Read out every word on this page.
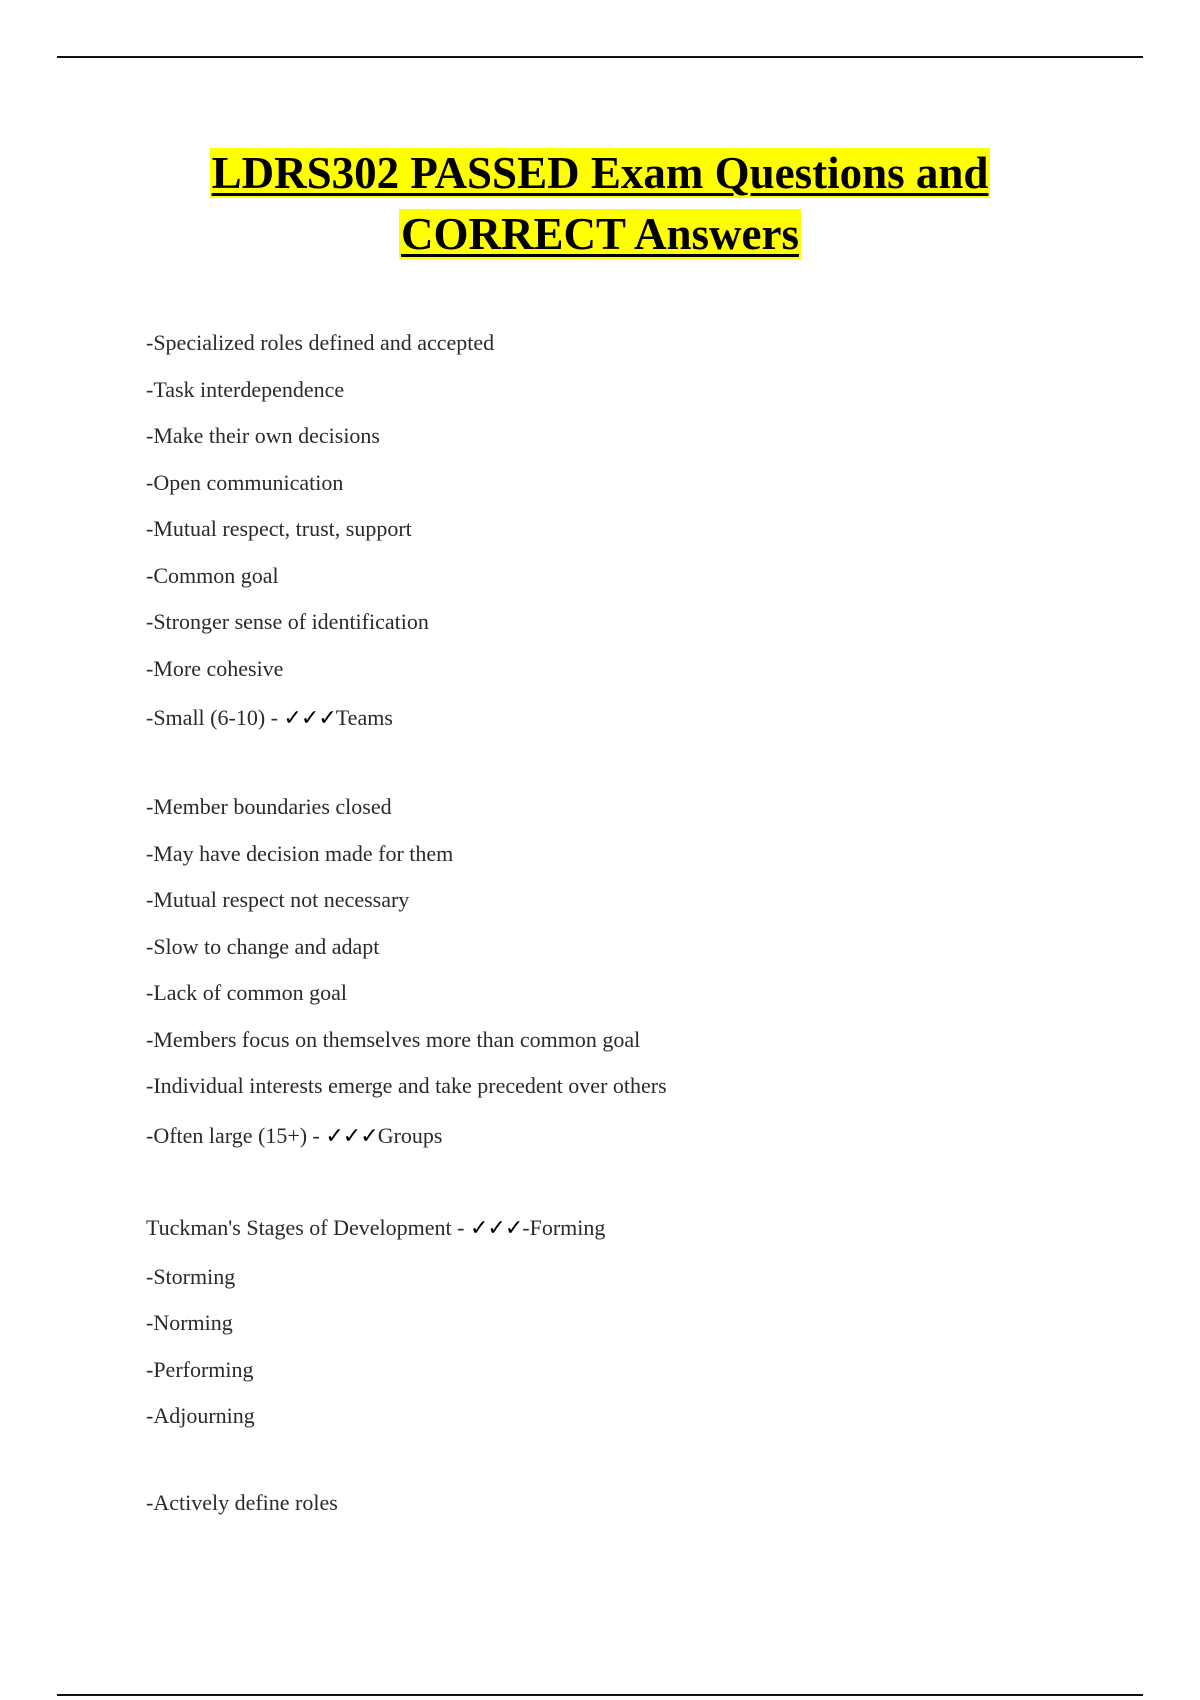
LDRS302 PASSED Exam Questions and
CORRECT Answers
-Specialized roles defined and accepted
-Task interdependence
-Make their own decisions
-Open communication
-Mutual respect, trust, support
-Common goal
-Stronger sense of identification
-More cohesive
-Small (6-10) - ✓✓✓Teams
-Member boundaries closed
-May have decision made for them
-Mutual respect not necessary
-Slow to change and adapt
-Lack of common goal
-Members focus on themselves more than common goal
-Individual interests emerge and take precedent over others
-Often large (15+) - ✓✓✓Groups
Tuckman's Stages of Development - ✓✓✓-Forming
-Storming
-Norming
-Performing
-Adjourning
-Actively define roles
